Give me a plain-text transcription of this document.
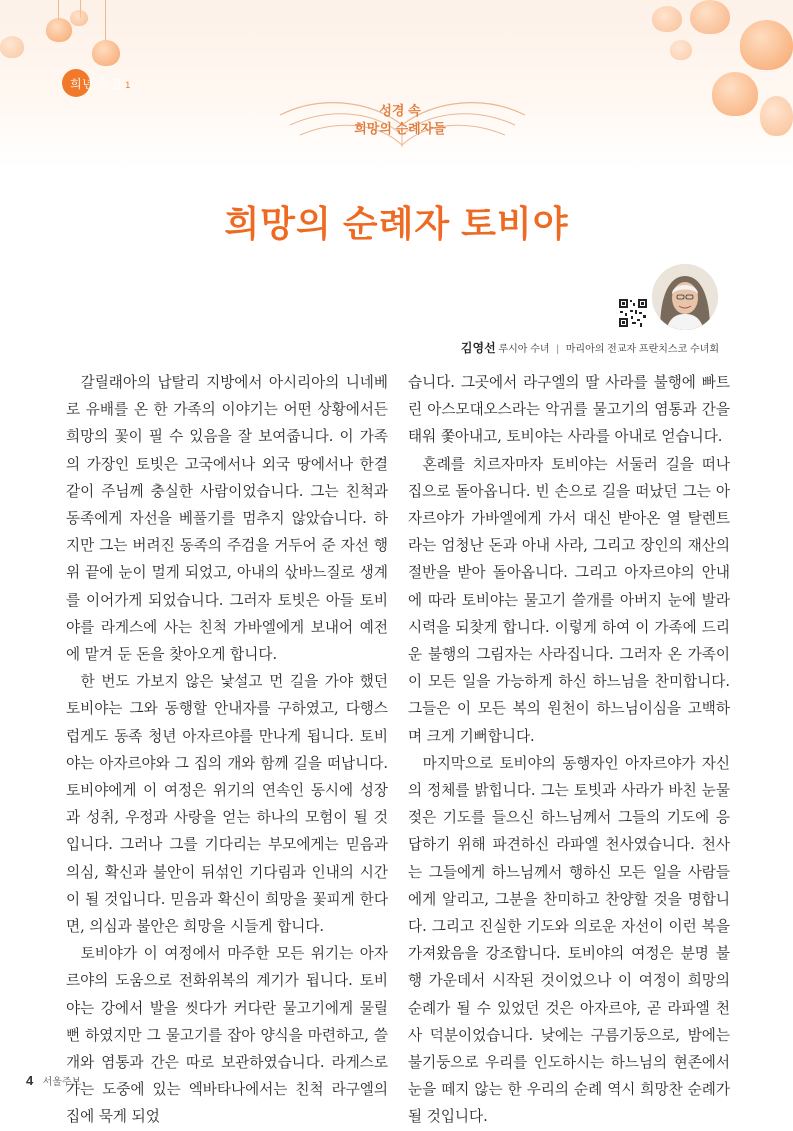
희년 특집 1
성경 속
희망의 순례자들
희망의 순례자 토비야
김영선 루시아 수녀 | 마리아의 전교자 프란치스코 수녀회

갈릴래아의 납탈리 지방에서 아시리아의 니네베로 유배를 온 한 가족의 이야기는 어떤 상황에서든 희망의 꽃이 필 수 있음을 잘 보여줍니다. 이 가족의 가장인 토빗은 고국에서나 외국 땅에서나 한결같이 주님께 충실한 사람이었습니다. 그는 친척과 동족에게 자선을 베풀기를 멈추지 않았습니다. 하지만 그는 버려진 동족의 주검을 거두어 준 자선 행위 끝에 눈이 멀게 되었고, 아내의 삯바느질로 생계를 이어가게 되었습니다. 그러자 토빗은 아들 토비야를 라게스에 사는 친척 가바엘에게 보내어 예전에 맡겨 둔 돈을 찾아오게 합니다.

한 번도 가보지 않은 낯설고 먼 길을 가야 했던 토비야는 그와 동행할 안내자를 구하였고, 다행스럽게도 동족 청년 아자르야를 만나게 됩니다. 토비야는 아자르야와 그 집의 개와 함께 길을 떠납니다. 토비야에게 이 여정은 위기의 연속인 동시에 성장과 성취, 우정과 사랑을 얻는 하나의 모험이 될 것입니다. 그러나 그를 기다리는 부모에게는 믿음과 의심, 확신과 불안이 뒤섞인 기다림과 인내의 시간이 될 것입니다. 믿음과 확신이 희망을 꽃피게 한다면, 의심과 불안은 희망을 시들게 합니다.

토비야가 이 여정에서 마주한 모든 위기는 아자르야의 도움으로 전화위복의 계기가 됩니다. 토비야는 강에서 발을 씻다가 커다란 물고기에게 물릴 뻔 하였지만 그 물고기를 잡아 양식을 마련하고, 쓸개와 염통과 간은 따로 보관하였습니다. 라게스로 가는 도중에 있는 엑바타나에서는 친척 라구엘의 집에 묵게 되었

습니다. 그곳에서 라구엘의 딸 사라를 불행에 빠트린 아스모대오스라는 악귀를 물고기의 염통과 간을 태워 쫓아내고, 토비야는 사라를 아내로 얻습니다.

혼례를 치르자마자 토비야는 서둘러 길을 떠나 집으로 돌아옵니다. 빈 손으로 길을 떠났던 그는 아자르야가 가바엘에게 가서 대신 받아온 열 탈렌트라는 엄청난 돈과 아내 사라, 그리고 장인의 재산의 절반을 받아 돌아옵니다. 그리고 아자르야의 안내에 따라 토비야는 물고기 쓸개를 아버지 눈에 발라 시력을 되찾게 합니다. 이렇게 하여 이 가족에 드리운 불행의 그림자는 사라집니다. 그러자 온 가족이 이 모든 일을 가능하게 하신 하느님을 찬미합니다. 그들은 이 모든 복의 원천이 하느님이심을 고백하며 크게 기뻐합니다.

마지막으로 토비야의 동행자인 아자르야가 자신의 정체를 밝힙니다. 그는 토빗과 사라가 바친 눈물 젖은 기도를 들으신 하느님께서 그들의 기도에 응답하기 위해 파견하신 라파엘 천사였습니다. 천사는 그들에게 하느님께서 행하신 모든 일을 사람들에게 알리고, 그분을 찬미하고 찬양할 것을 명합니다. 그리고 진실한 기도와 의로운 자선이 이런 복을 가져왔음을 강조합니다. 토비야의 여정은 분명 불행 가운데서 시작된 것이었으나 이 여정이 희망의 순례가 될 수 있었던 것은 아자르야, 곧 라파엘 천사 덕분이었습니다. 낮에는 구름기둥으로, 밤에는 불기둥으로 우리를 인도하시는 하느님의 현존에서 눈을 떼지 않는 한 우리의 순례 역시 희망찬 순례가 될 것입니다.

4 서울주보
